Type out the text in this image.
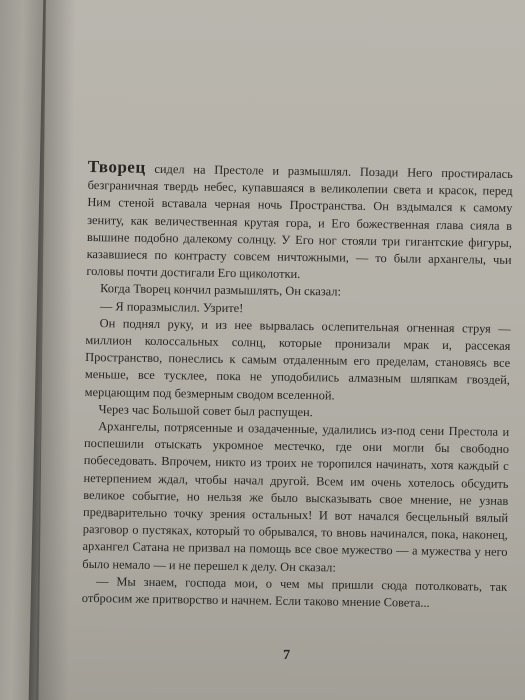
Творец сидел на Престоле и размышлял. Позади Него простиралась безграничная твердь небес, купавшаяся в великолепии света и красок, перед Ним стеной вставала черная ночь Пространства. Он вздымался к самому зениту, как величественная крутая гора, и Его божественная глава сияла в вышине подобно далекому солнцу. У Его ног стояли три гигантские фигуры, казавшиеся по контрасту совсем ничтожными, — то были архангелы, чьи головы почти достигали Его щиколотки.

Когда Творец кончил размышлять, Он сказал:

— Я поразмыслил. Узрите!

Он поднял руку, и из нее вырвалась ослепительная огненная струя — миллион колоссальных солнц, которые пронизали мрак и, рассекая Пространство, понеслись к самым отдаленным его пределам, становясь все меньше, все тусклее, пока не уподобились алмазным шляпкам гвоздей, мерцающим под безмерным сводом вселенной.

Через час Большой совет был распущен.

Архангелы, потрясенные и озадаченные, удалились из-под сени Престола и поспешили отыскать укромное местечко, где они могли бы свободно побеседовать. Впрочем, никто из троих не торопился начинать, хотя каждый с нетерпением ждал, чтобы начал другой. Всем им очень хотелось обсудить великое событие, но нельзя же было высказывать свое мнение, не узнав предварительно точку зрения остальных! И вот начался бесцельный вялый разговор о пустяках, который то обрывался, то вновь начинался, пока, наконец, архангел Сатана не призвал на помощь все свое мужество — а мужества у него было немало — и не перешел к делу. Он сказал:

— Мы знаем, господа мои, о чем мы пришли сюда потолковать, так отбросим же притворство и начнем. Если таково мнение Совета...

7
